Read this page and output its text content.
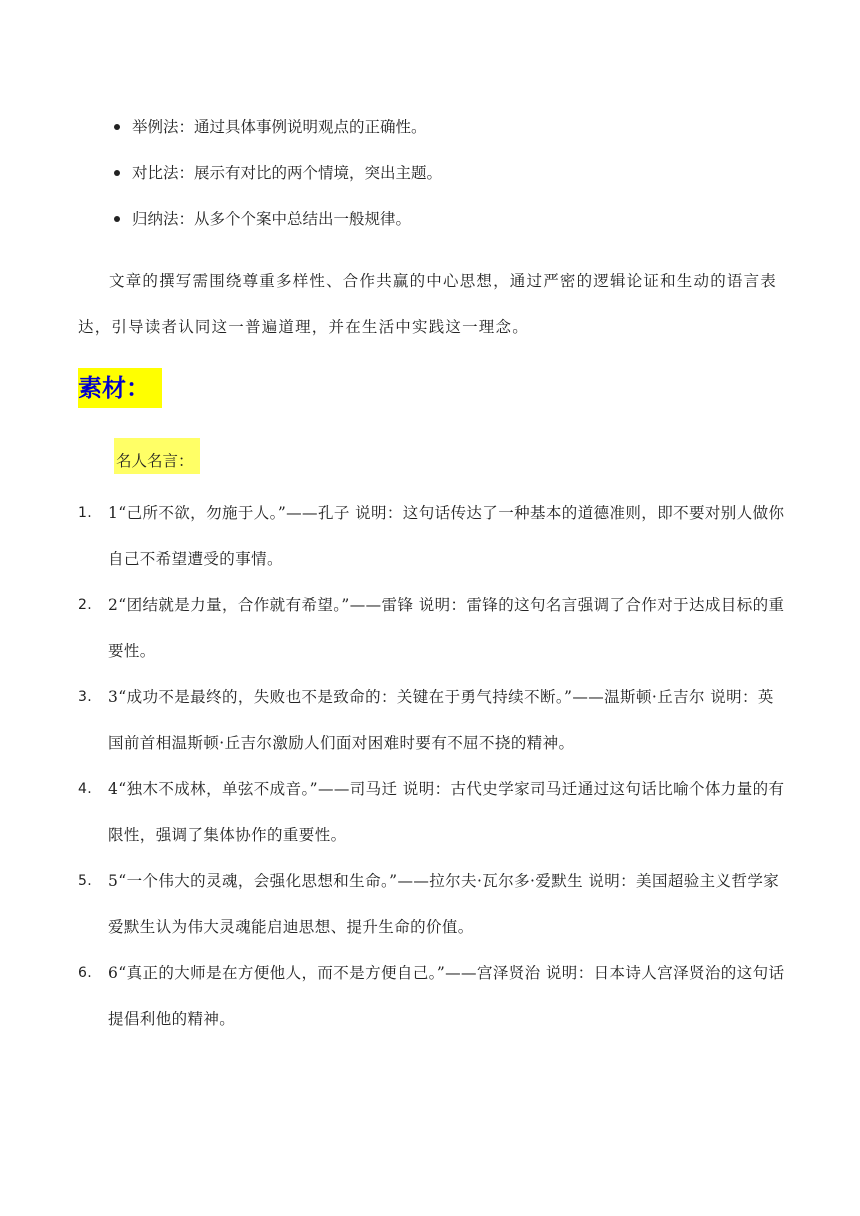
举例法：通过具体事例说明观点的正确性。
对比法：展示有对比的两个情境，突出主题。
归纳法：从多个个案中总结出一般规律。

文章的撰写需围绕尊重多样性、合作共赢的中心思想，通过严密的逻辑论证和生动的语言表达，引导读者认同这一普遍道理，并在生活中实践这一理念。

素材：
名人名言：
1. 1“己所不欲，勿施于人。”——孔子 说明：这句话传达了一种基本的道德准则，即不要对别人做你自己不希望遭受的事情。
2. 2“团结就是力量，合作就有希望。”——雷锋 说明：雷锋的这句名言强调了合作对于达成目标的重要性。
3. 3“成功不是最终的，失败也不是致命的：关键在于勇气持续不断。”——温斯顿·丘吉尔 说明：英国前首相温斯顿·丘吉尔激励人们面对困难时要有不屈不挠的精神。
4. 4“独木不成林，单弦不成音。”——司马迁 说明：古代史学家司马迁通过这句话比喻个体力量的有限性，强调了集体协作的重要性。
5. 5“一个伟大的灵魂，会强化思想和生命。”——拉尔夫·瓦尔多·爱默生 说明：美国超验主义哲学家爱默生认为伟大灵魂能启迪思想、提升生命的价值。
6. 6“真正的大师是在方便他人，而不是方便自己。”——宫泽贤治 说明：日本诗人宫泽贤治的这句话提倡利他的精神。
